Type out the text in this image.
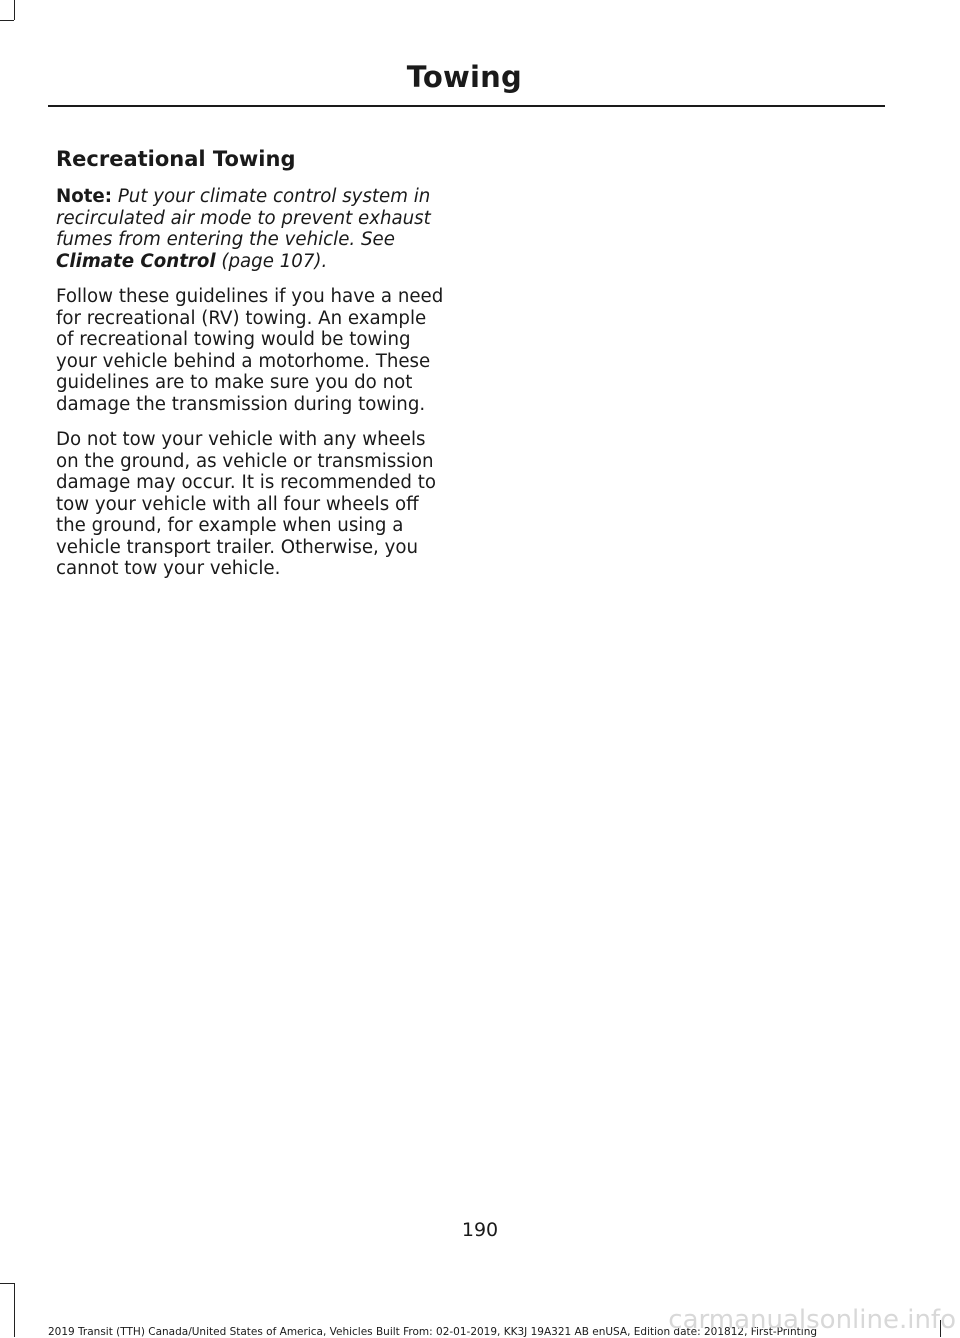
Towing
Recreational Towing

Note: Put your climate control system in recirculated air mode to prevent exhaust fumes from entering the vehicle. See Climate Control (page 107).

Follow these guidelines if you have a need for recreational (RV) towing. An example of recreational towing would be towing your vehicle behind a motorhome. These guidelines are to make sure you do not damage the transmission during towing.

Do not tow your vehicle with any wheels on the ground, as vehicle or transmission damage may occur. It is recommended to tow your vehicle with all four wheels off the ground, for example when using a vehicle transport trailer. Otherwise, you cannot tow your vehicle.

190
2019 Transit (TTH) Canada/United States of America, Vehicles Built From: 02-01-2019, KK3J 19A321 AB enUSA, Edition date: 201812, First-Printing
carmanualsonline.info
